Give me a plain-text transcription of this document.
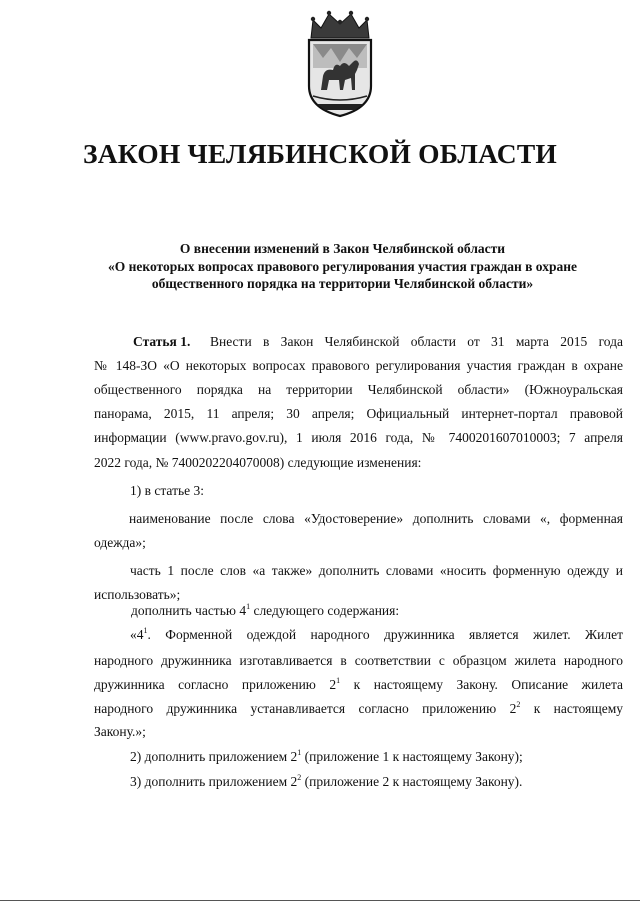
ЗАКОН ЧЕЛЯБИНСКОЙ ОБЛАСТИ
О внесении изменений в Закон Челябинской области
«О некоторых вопросах правового регулирования участия граждан в охране
общественного порядка на территории Челябинской области»
Статья 1. Внести в Закон Челябинской области от 31 марта 2015 года
№ 148-ЗО «О некоторых вопросах правового регулирования участия граждан в охране
общественного порядка на территории Челябинской области» (Южноуральская
панорама, 2015, 11 апреля; 30 апреля; Официальный интернет-портал правовой
информации (www.pravo.gov.ru), 1 июля 2016 года, № 7400201607010003; 7 апреля
2022 года, № 7400202204070008) следующие изменения:
1) в статье 3:
наименование после слова «Удостоверение» дополнить словами «, форменная
одежда»;
часть 1 после слов «а также» дополнить словами «носить форменную одежду и
использовать»;
дополнить частью $4^1$ следующего содержания:
«$4^1$. Форменной одеждой народного дружинника является жилет. Жилет
народного дружинника изготавливается в соответствии с образцом жилета народного
дружинника согласно приложению $2^1$ к настоящему Закону. Описание жилета
народного дружинника устанавливается согласно приложению $2^2$ к настоящему
Закону.»;
2) дополнить приложением $2^1$ (приложение 1 к настоящему Закону);
3) дополнить приложением $2^2$ (приложение 2 к настоящему Закону).
